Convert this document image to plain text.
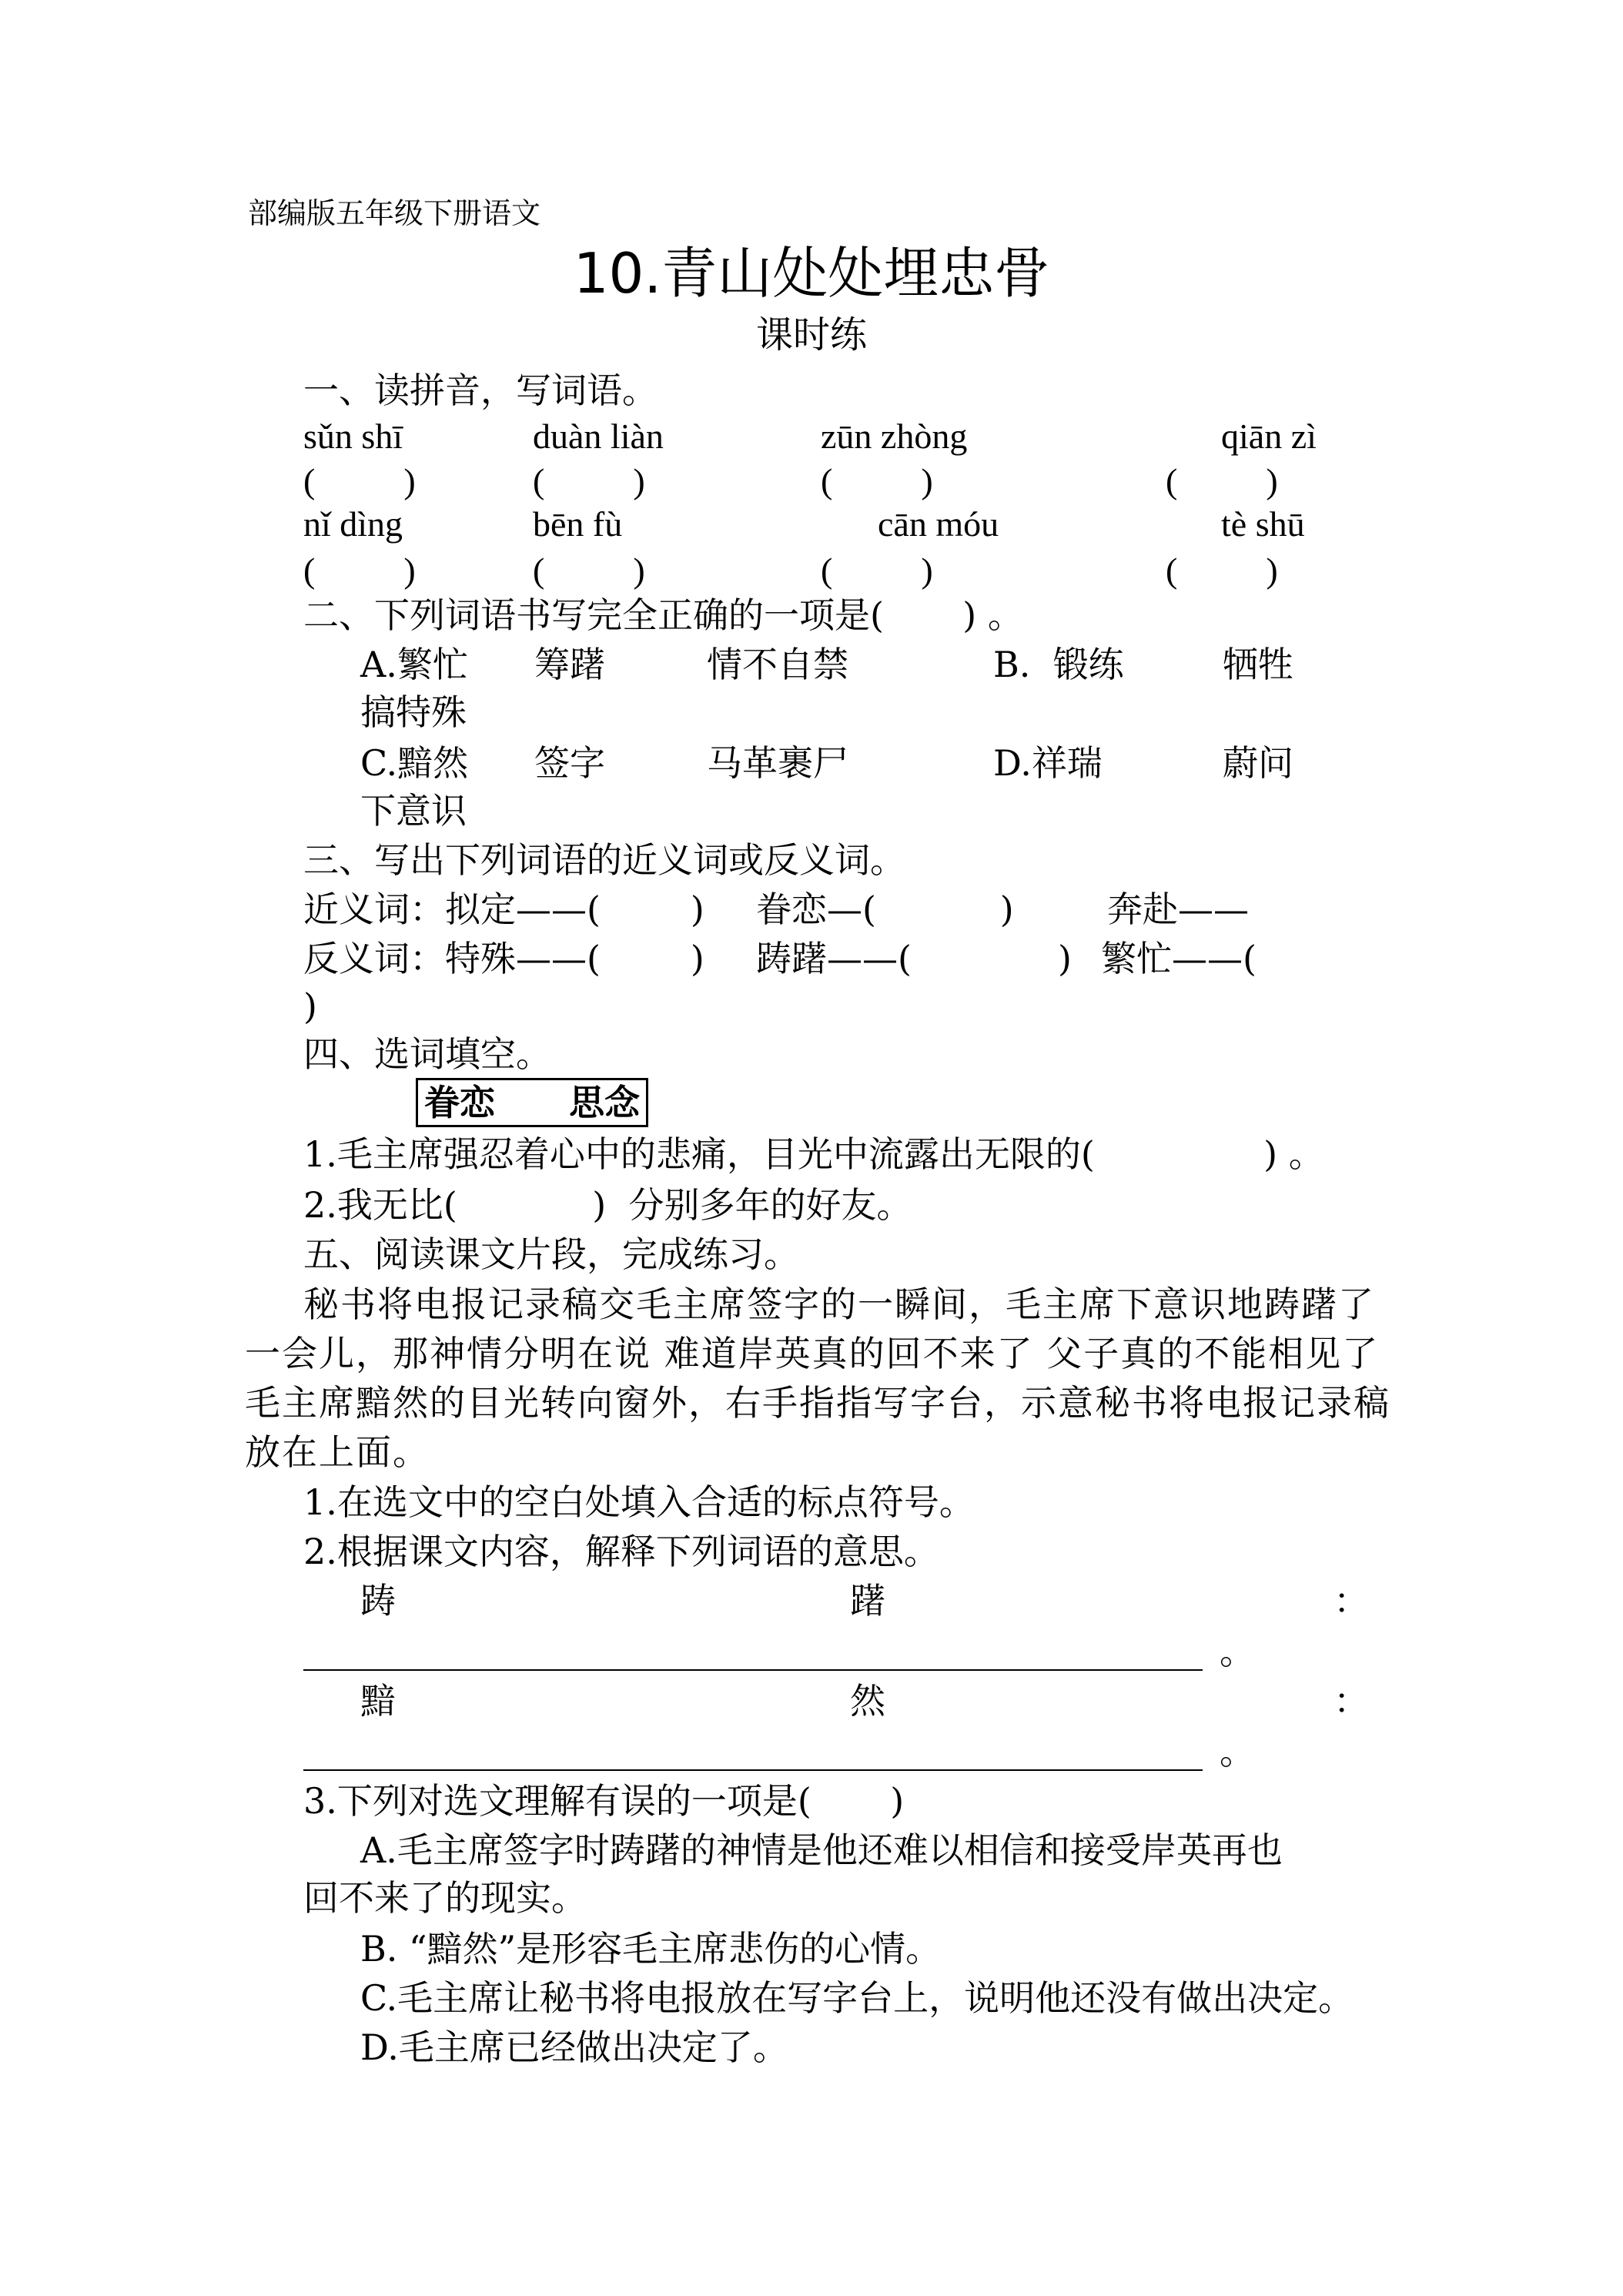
部编版五年级下册语文
10.青山处处埋忠骨
课时练
一、读拼音，写词语。
sǔn shī	duàn liàn	zūn zhòng	qiān zì
(          )	(          )	(          )	(          )
nǐ dìng	bēn fù	cān móu	tè shū
(          )	(          )	(          )	(          )
二、下列词语书写完全正确的一项是(       ) 。
A.繁忙 筹躇	情不自禁	B.  锻练	牺牲
搞特殊
C.黯然 签字	马革裹尸	D.祥瑞	蔚问
下意识
三、写出下列词语的近义词或反义词。
近义词：拟定——(        ) 眷恋—(           )	奔赴——
反义词：特殊——(        ) 踌躇——(             ) 繁忙——(
)
四、选词填空。
眷恋      思念
1.毛主席强忍着心中的悲痛，目光中流露出无限的(               ) 。
2.我无比(            )  分别多年的好友。
五、阅读课文片段，完成练习。
秘书将电报记录稿交毛主席签字的一瞬间，毛主席下意识地踌躇了一会儿，那神情分明在说 难道岸英真的回不来了 父子真的不能相见了 毛主席黯然的目光转向窗外，右手指指写字台，示意秘书将电报记录稿放在上面。
1.在选文中的空白处填入合适的标点符号。
2.根据课文内容，解释下列词语的意思。
踌	躇	：
。
黯	然	：
。
3.下列对选文理解有误的一项是(       )
A.毛主席签字时踌躇的神情是他还难以相信和接受岸英再也
回不来了的现实。
B. “黯然”是形容毛主席悲伤的心情。
C.毛主席让秘书将电报放在写字台上，说明他还没有做出决定。
D.毛主席已经做出决定了。
